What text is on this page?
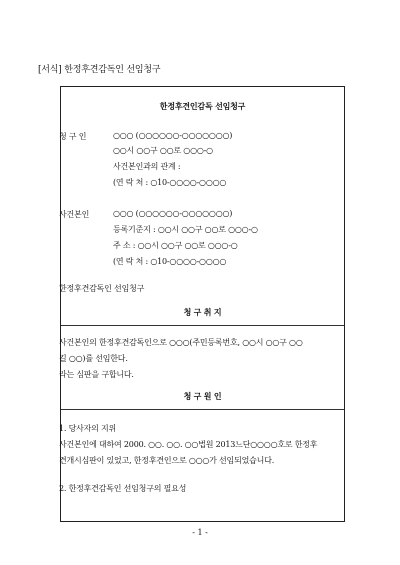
[서식] 한정후견감독인 선임청구
한정후견인감독 선임청구
청 구 인	○○○ (○○○○○○-○○○○○○○)
○○시 ○○구 ○○로 ○○○-○
사건본인과의 관계 :
(연 락 처 : ○10-○○○○-○○○○
사건본인	○○○ (○○○○○○-○○○○○○○)
등록기준지 : ○○시 ○○구 ○○로 ○○○-○
주 소 : ○○시 ○○구 ○○로 ○○○-○
(연 락 처 : ○10-○○○○-○○○○
한정후견감독인 선임청구
청 구 취 지
사건본인의 한정후견감독인으로 ○○○(주민등록번호, ○○시 ○○구 ○○
길 ○○)를 선임한다.
라는 심판을 구합니다.
청 구 원 인
1. 당사자의 지위
사건본인에 대하여 2000. ○○. ○○. ○○법원 2013느단○○○○호로 한정후
견개시심판이 있었고, 한정후견인으로 ○○○가 선임되었습니다.
2. 한정후견감독인 선임청구의 필요성
- 1 -
